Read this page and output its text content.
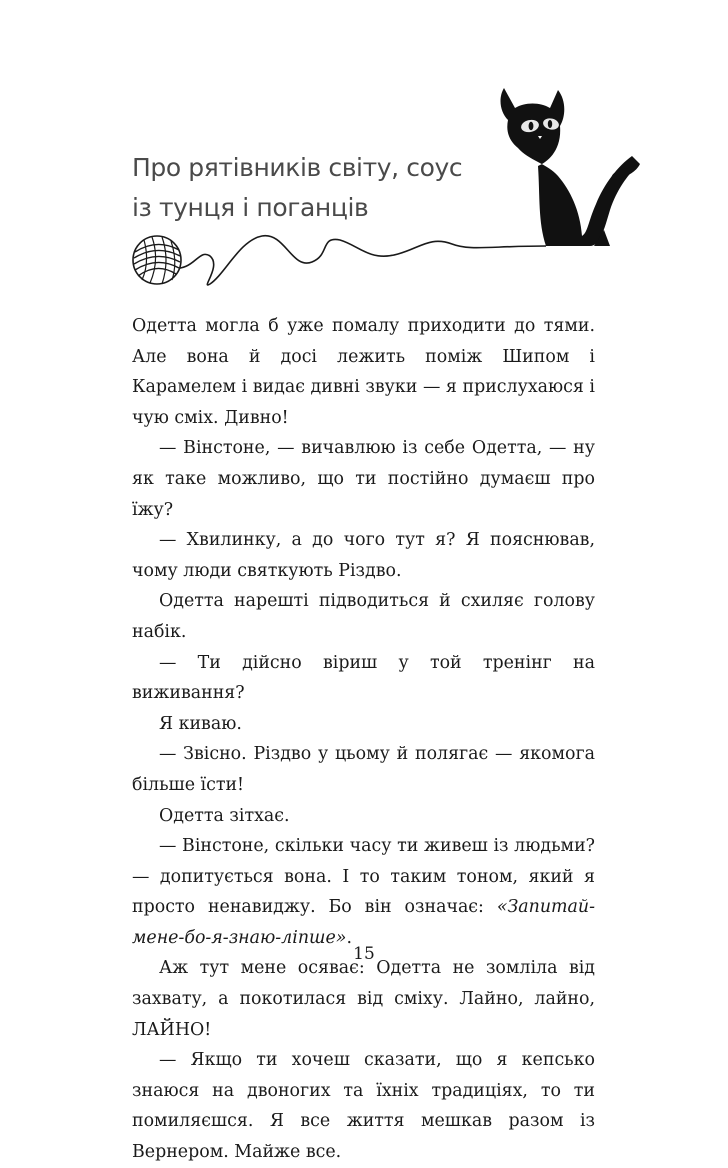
Про рятівників світу, соус
із тунця і поганців

Одетта могла б уже помалу приходити до тями. Але вона й досі лежить поміж Шипом і Карамелем і видає дивні звуки — я прислухаюся і чую сміх. Дивно!

— Вінстоне, — вичавлюю із себе Одетта, — ну як таке можливо, що ти постійно думаєш про їжу?

— Хвилинку, а до чого тут я? Я пояснював, чому люди святкують Різдво.

Одетта нарешті підводиться й схиляє голову набік.

— Ти дійсно віриш у той тренінг на виживання?

Я киваю.

— Звісно. Різдво у цьому й полягає — якомога більше їсти!

Одетта зітхає.

— Вінстоне, скільки часу ти живеш із людьми? — допитується вона. І то таким тоном, який я просто ненавиджу. Бо він означає: «Запитай-мене-бо-я-знаю-ліпше».

Аж тут мене осяває: Одетта не зомліла від захвату, а покотилася від сміху. Лайно, лайно, ЛАЙНО!

— Якщо ти хочеш сказати, що я кепсько знаюся на двоногих та їхніх традиціях, то ти помиляєшся. Я все життя мешкав разом із Вернером. Майже все.

15
